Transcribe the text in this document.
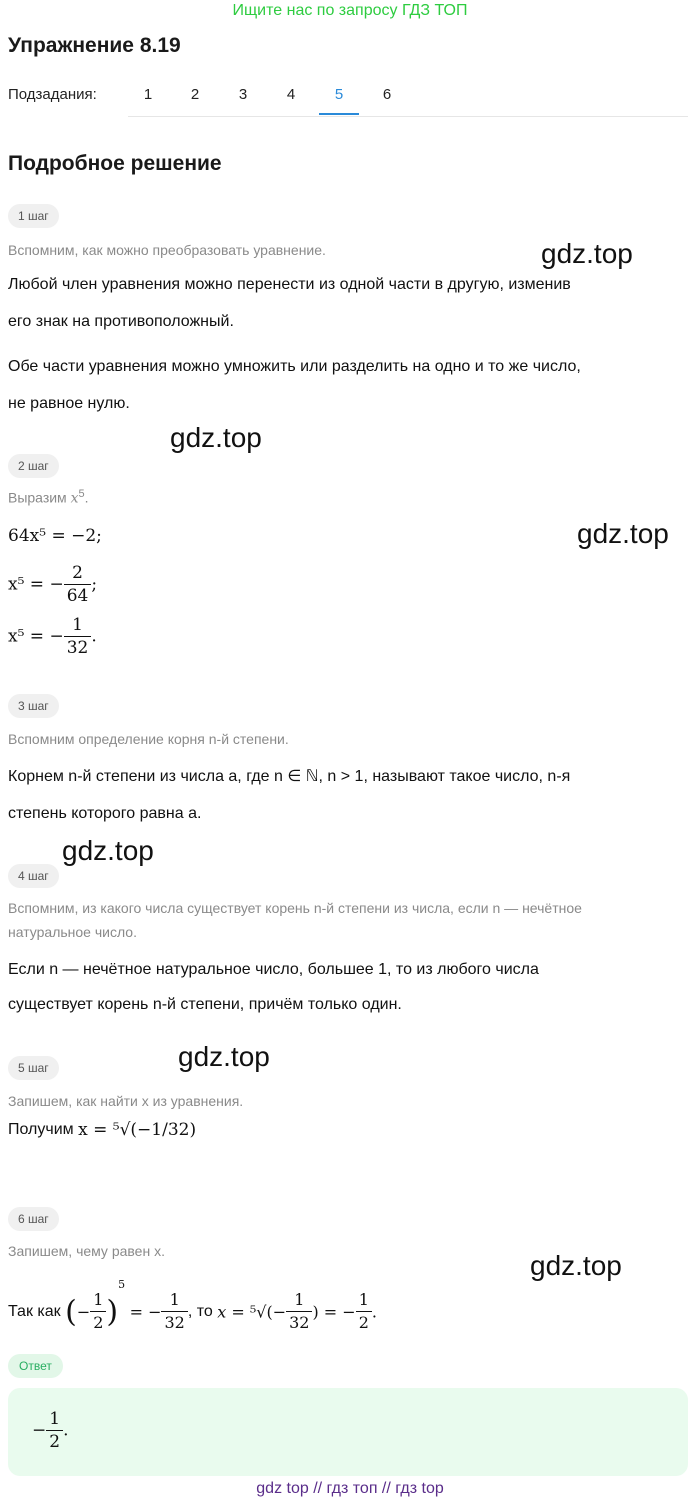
Ищите нас по запросу ГДЗ ТОП
Упражнение 8.19
Подзадания:	1	2	3	4	5	6
Подробное решение
1 шаг
Вспомним, как можно преобразовать уравнение.
Любой член уравнения можно перенести из одной части в другую, изменив
его знак на противоположный.
Обе части уравнения можно умножить или разделить на одно и то же число,
не равное нулю.
2 шаг
Выразим $x^5$.
64x⁵ = −2;
x⁵ = − $\frac{2}{64}$ ;
x⁵ = − $\frac{1}{32}$ .
3 шаг
Вспомним определение корня n-й степени.
Корнем n-й степени из числа a, где n ∈ ℕ, n > 1, называют такое число, n-я
степень которого равна a.
4 шаг
Вспомним, из какого числа существует корень n-й степени из числа, если n — нечётное
натуральное число.
Если n — нечётное натуральное число, большее 1, то из любого числа
существует корень n-й степени, причём только один.
5 шаг
Запишем, как найти x из уравнения.
Получим x = ⁵√(−1/32)
6 шаг
Запишем, чему равен x.
Так как (− $\frac{1}{2} )^5$ = − $\frac{1}{32}$ , то $x = ^5√(- \frac{1}{32}$ ) = − $\frac{1}{2}$ .
Ответ
− $\frac{1}{2}$ .
gdz.top
gdz.top
gdz.top
gdz.top
gdz.top
gdz.top
gdz top // гдз топ // гдз top
